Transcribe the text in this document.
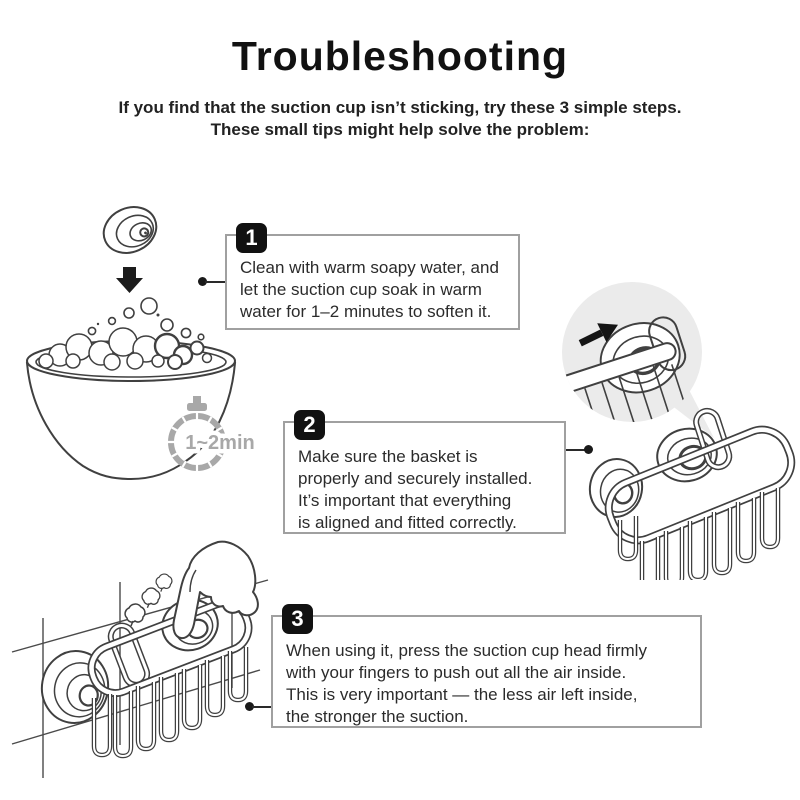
Troubleshooting
If you find that the suction cup isn’t sticking, try these 3 simple steps.
These small tips might help solve the problem:
1~2min
1
Clean with warm soapy water, and
let the suction cup soak in warm
water for 1–2 minutes to soften it.
2
Make sure the basket is
properly and securely installed.
It’s important that everything
is aligned and fitted correctly.
3
When using it, press the suction cup head firmly
with your fingers to push out all the air inside.
This is very important — the less air left inside,
the stronger the suction.
